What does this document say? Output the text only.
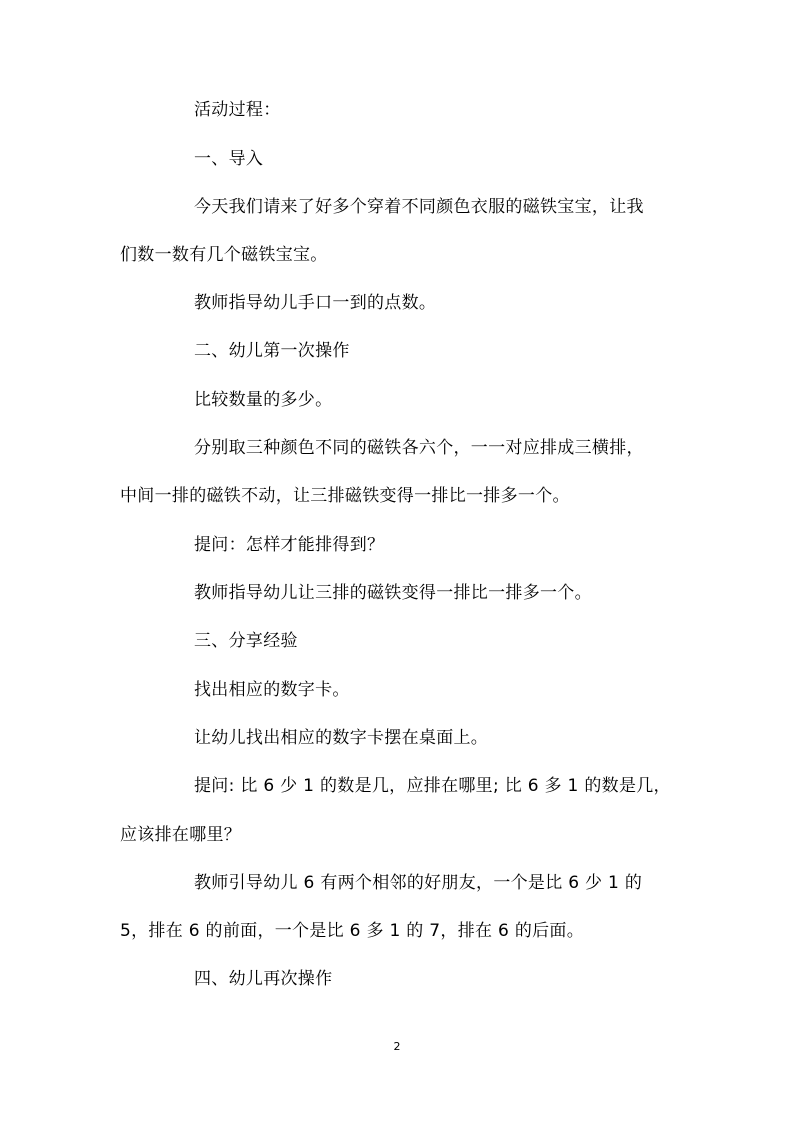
活动过程：
一、导入
今天我们请来了好多个穿着不同颜色衣服的磁铁宝宝，让我
们数一数有几个磁铁宝宝。
教师指导幼儿手口一到的点数。
二、幼儿第一次操作
比较数量的多少。
分别取三种颜色不同的磁铁各六个，一一对应排成三横排，
中间一排的磁铁不动，让三排磁铁变得一排比一排多一个。
提问：怎样才能排得到？
教师指导幼儿让三排的磁铁变得一排比一排多一个。
三、分享经验
找出相应的数字卡。
让幼儿找出相应的数字卡摆在桌面上。
提问: 比 6 少 1 的数是几，应排在哪里; 比 6 多 1 的数是几，
应该排在哪里？
教师引导幼儿 6 有两个相邻的好朋友，一个是比 6 少 1 的
5，排在 6 的前面，一个是比 6 多 1 的 7，排在 6 的后面。
四、幼儿再次操作
2
